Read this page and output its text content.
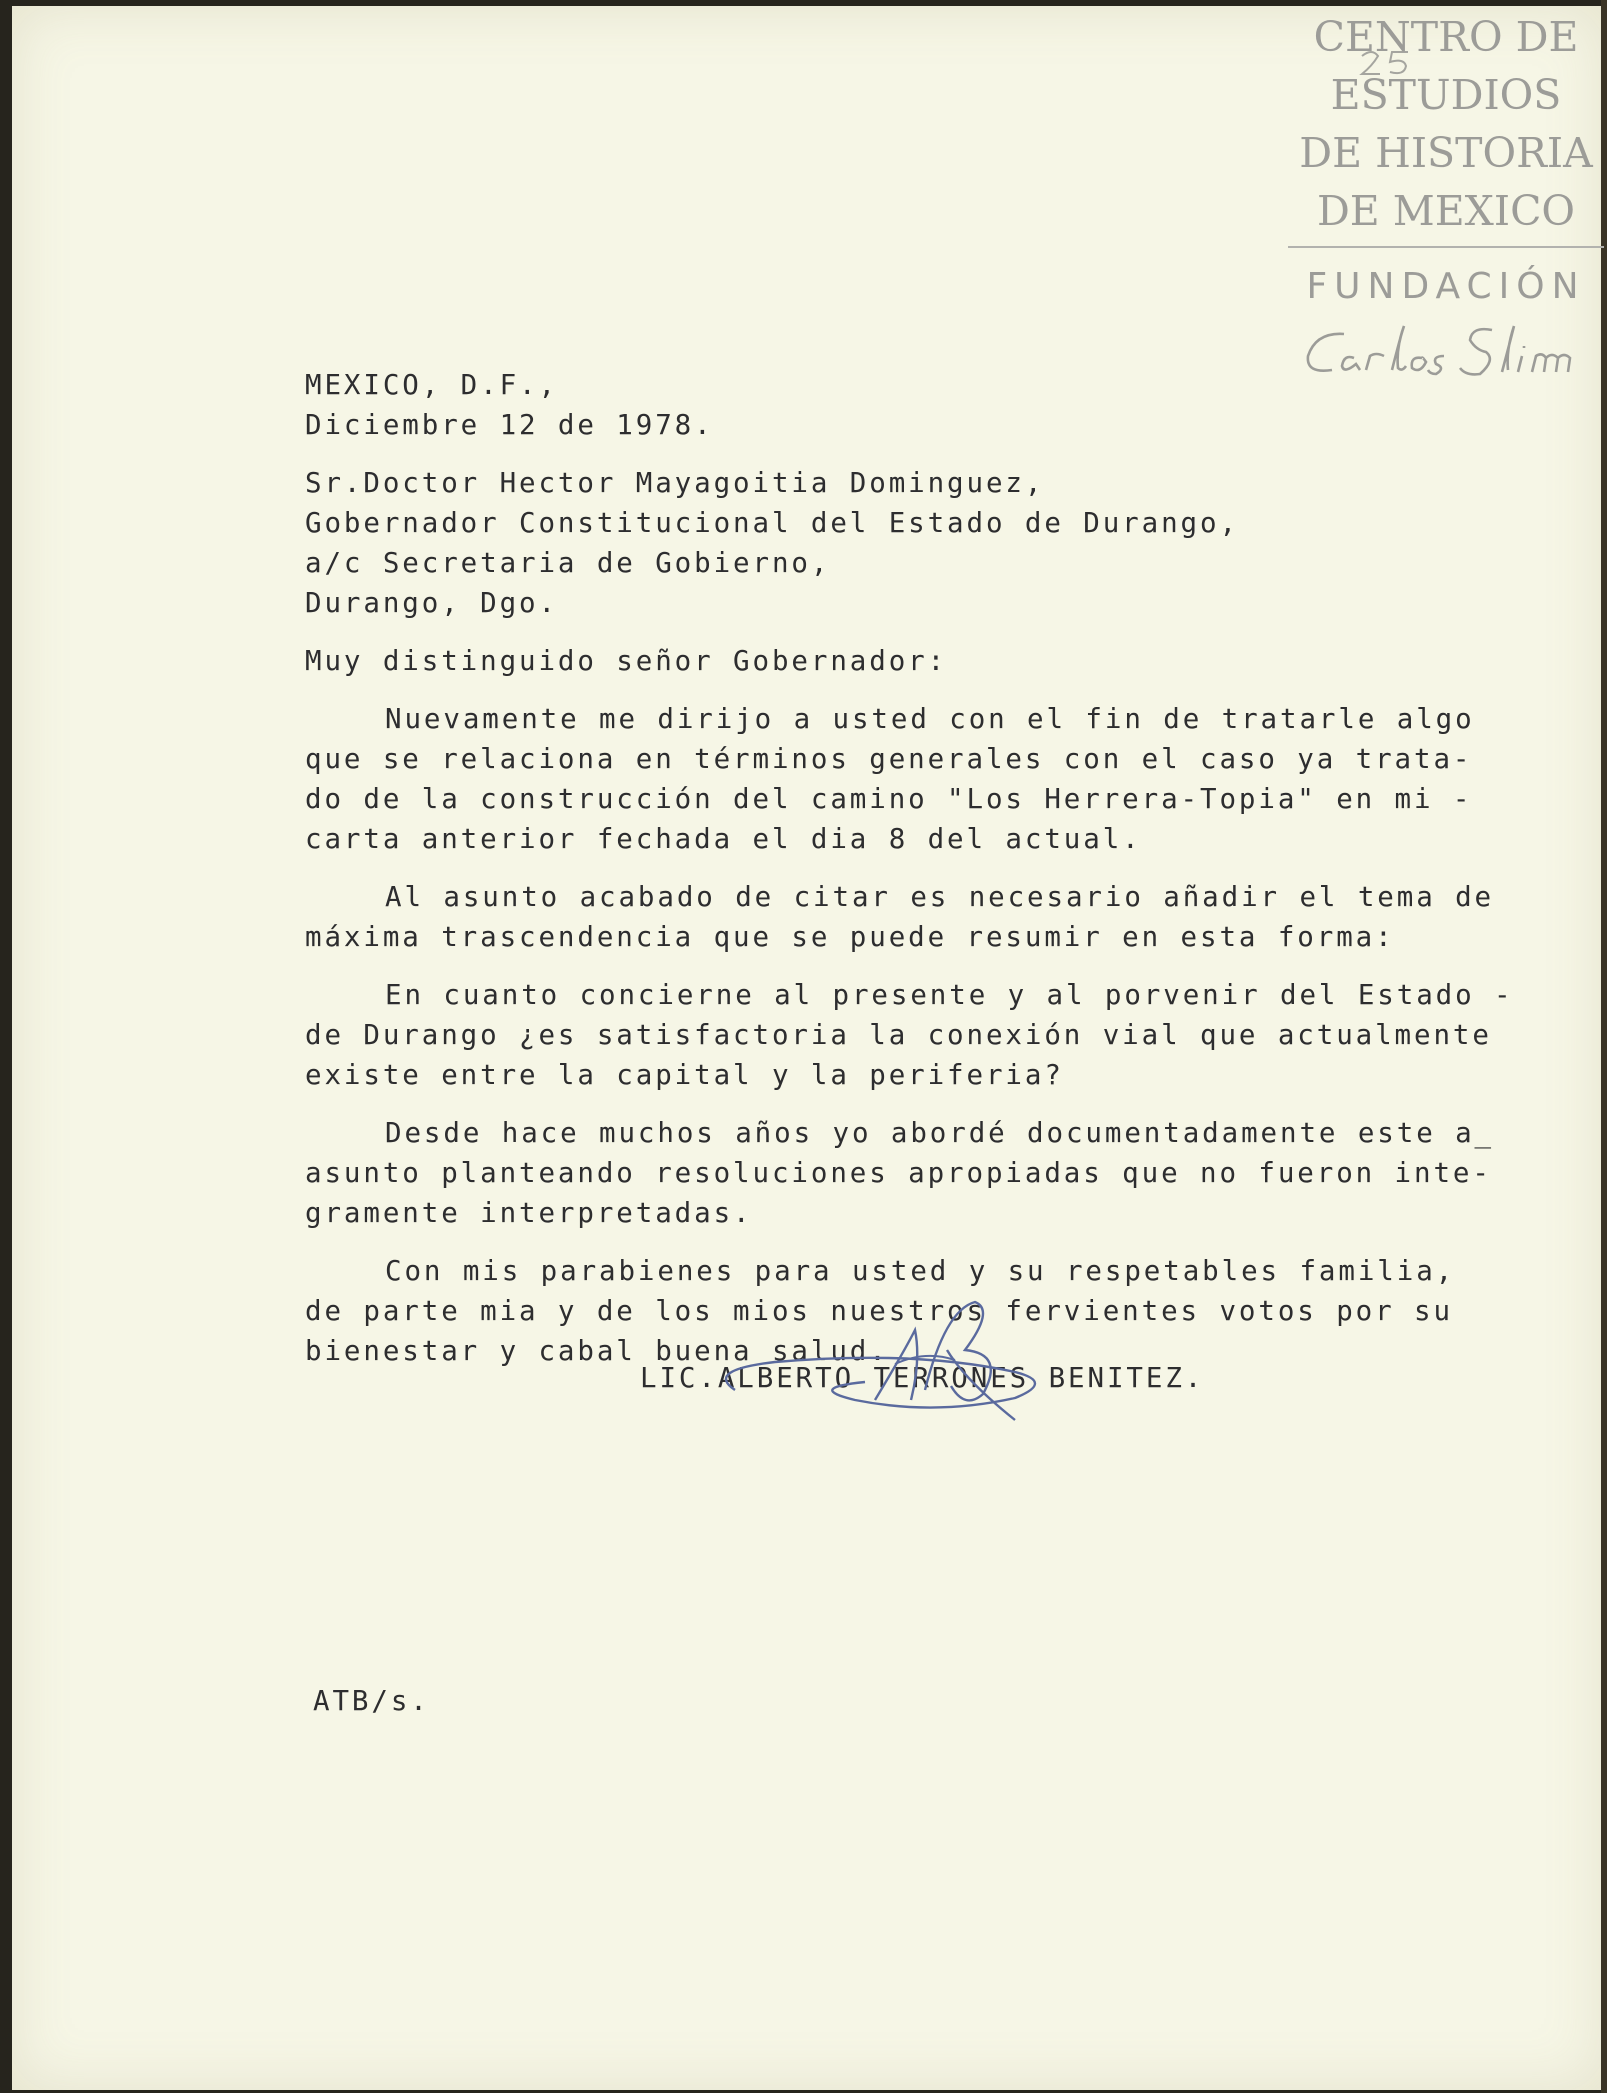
CENTRO DE
ESTUDIOS
DE HISTORIA
DE MEXICO
FUNDACIÓN
MEXICO, D.F.,
Diciembre 12 de 1978.
Sr.Doctor Hector Mayagoitia Dominguez,
Gobernador Constitucional del Estado de Durango,
a/c Secretaria de Gobierno,
Durango, Dgo.
Muy distinguido señor Gobernador:
Nuevamente me dirijo a usted con el fin de tratarle algo
que se relaciona en términos generales con el caso ya trata-
do de la construcción del camino "Los Herrera-Topia" en mi -
carta anterior fechada el dia 8 del actual.
Al asunto acabado de citar es necesario añadir el tema de
máxima trascendencia que se puede resumir en esta forma:
En cuanto concierne al presente y al porvenir del Estado -
de Durango ¿es satisfactoria la conexión vial que actualmente
existe entre la capital y la periferia?
Desde hace muchos años yo abordé documentadamente este a_
asunto planteando resoluciones apropiadas que no fueron inte-
gramente interpretadas.
Con mis parabienes para usted y su respetables familia,
de parte mia y de los mios nuestros fervientes votos por su
bienestar y cabal buena salud.
LIC.ALBERTO TERRONES BENITEZ.
ATB/s.
